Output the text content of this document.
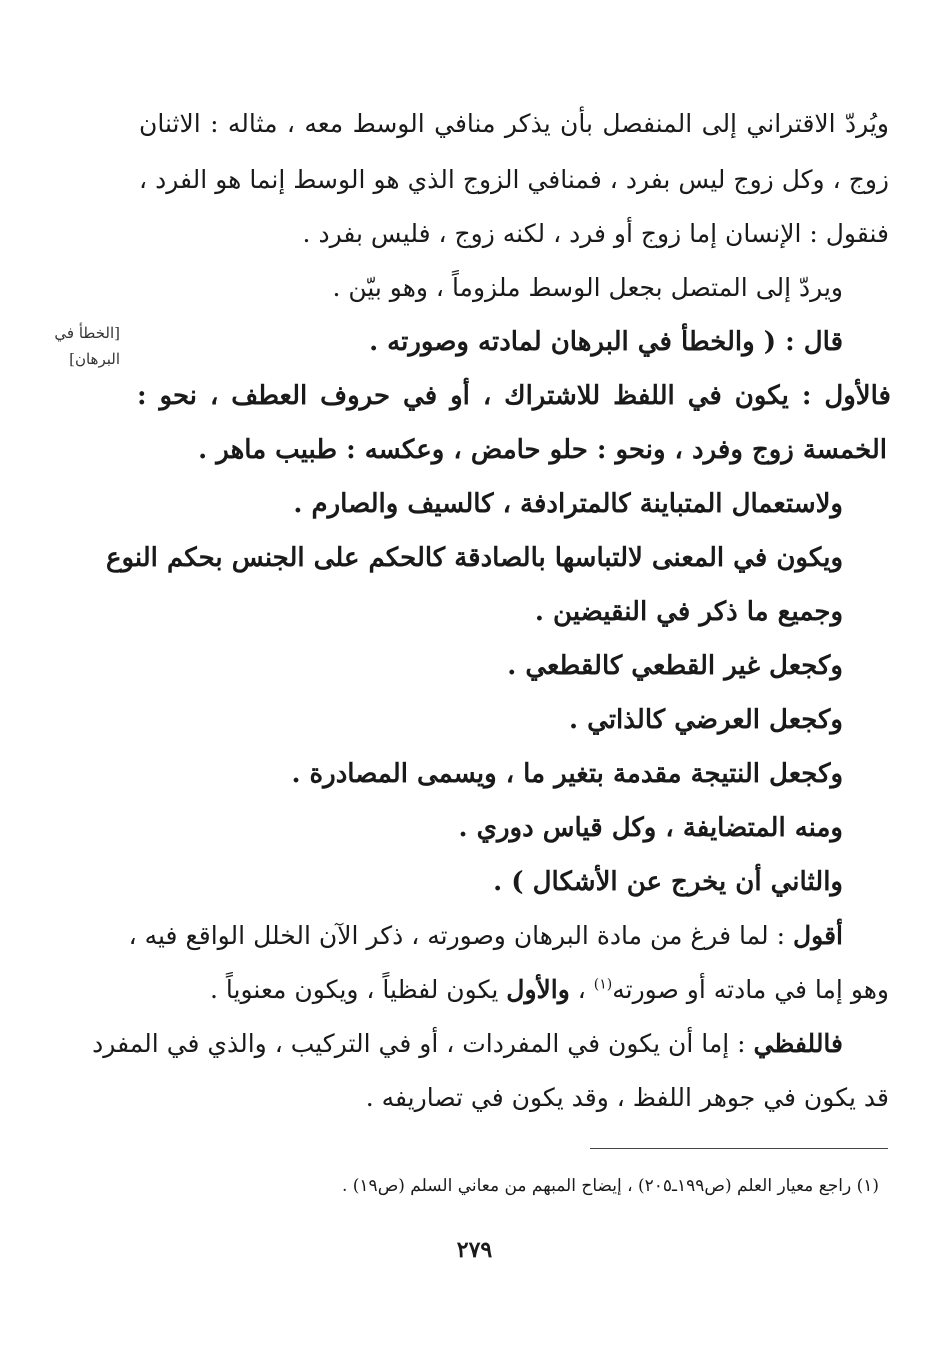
[الخطأ في
البرهان]
ويُردّ الاقتراني إلى المنفصل بأن يذكر منافي الوسط معه ، مثاله : الاثنان
زوج ، وكل زوج ليس بفرد ، فمنافي الزوج الذي هو الوسط إنما هو الفرد ،
فنقول : الإنسان إما زوج أو فرد ، لكنه زوج ، فليس بفرد .
ويردّ إلى المتصل بجعل الوسط ملزوماً ، وهو بيّن .
قال : ( والخطأ في البرهان لمادته وصورته .
فالأول : يكون في اللفظ للاشتراك ، أو في حروف العطف ، نحو :
الخمسة زوج وفرد ، ونحو : حلو حامض ، وعكسه : طبيب ماهر .
ولاستعمال المتباينة كالمترادفة ، كالسيف والصارم .
ويكون في المعنى لالتباسها بالصادقة كالحكم على الجنس بحكم النوع
وجميع ما ذكر في النقيضين .
وكجعل غير القطعي كالقطعي .
وكجعل العرضي كالذاتي .
وكجعل النتيجة مقدمة بتغير ما ، ويسمى المصادرة .
ومنه المتضايفة ، وكل قياس دوري .
والثاني أن يخرج عن الأشكال ) .
أقول : لما فرغ من مادة البرهان وصورته ، ذكر الآن الخلل الواقع فيه ،
وهو إما في مادته أو صورته$^{(١)}$ ، والأول يكون لفظياً ، ويكون معنوياً .
فاللفظي : إما أن يكون في المفردات ، أو في التركيب ، والذي في المفرد
قد يكون في جوهر اللفظ ، وقد يكون في تصاريفه .
(١) راجع معيار العلم (ص١٩٩ـ٢٠٥) ، إيضاح المبهم من معاني السلم (ص١٩) .
٢٧٩
